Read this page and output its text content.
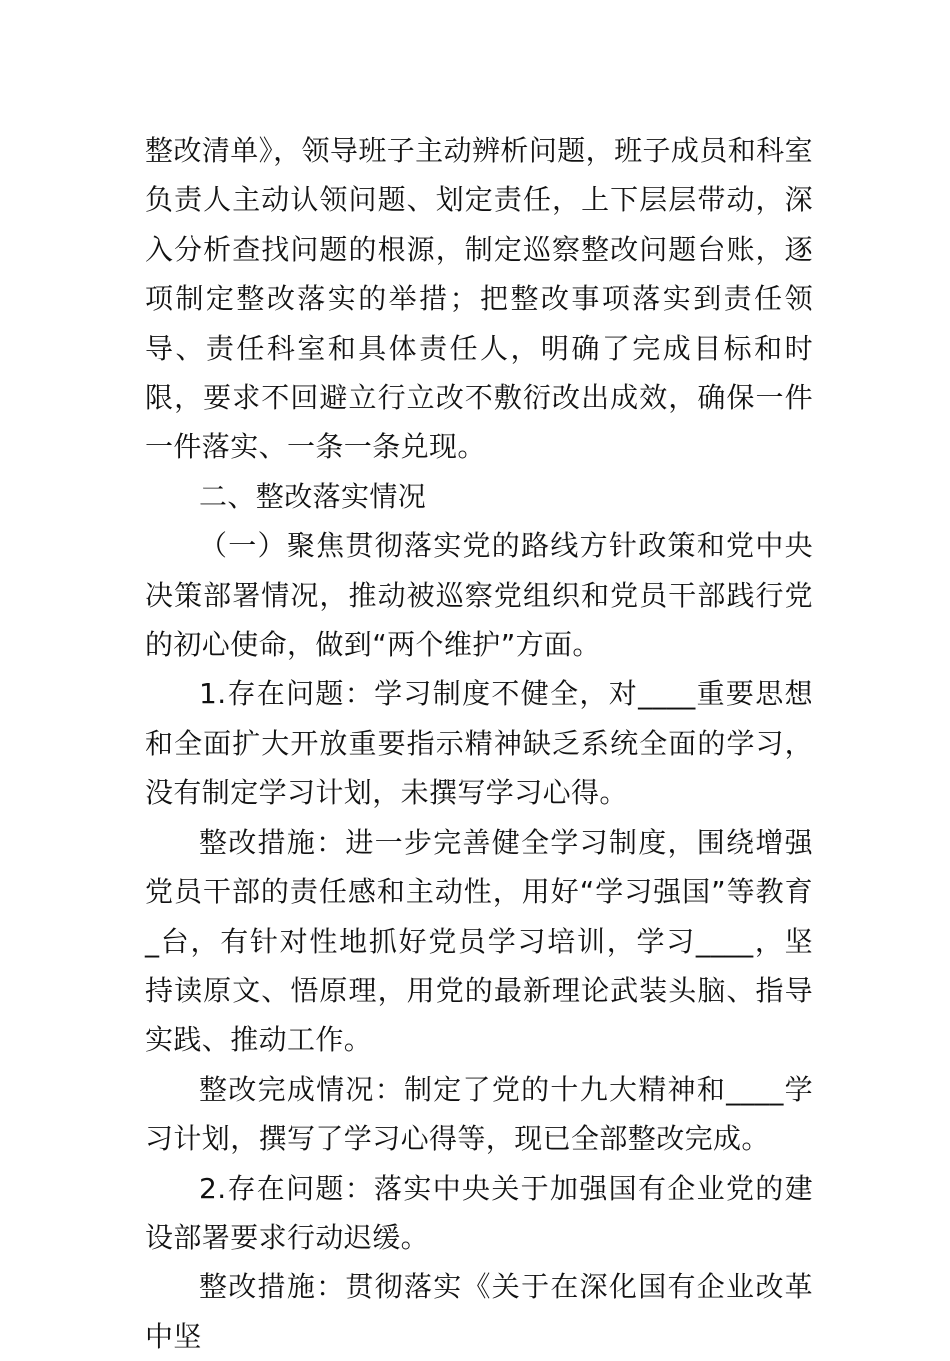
整改清单》，领导班子主动辨析问题，班子成员和科室负责人主动认领问题、划定责任，上下层层带动，深入分析查找问题的根源，制定巡察整改问题台账，逐项制定整改落实的举措；把整改事项落实到责任领导、责任科室和具体责任人，明确了完成目标和时限，要求不回避立行立改不敷衍改出成效，确保一件一件落实、一条一条兑现。

二、整改落实情况

（一）聚焦贯彻落实党的路线方针政策和党中央决策部署情况，推动被巡察党组织和党员干部践行党的初心使命，做到“两个维护”方面。

1.存在问题：学习制度不健全，对____重要思想和全面扩大开放重要指示精神缺乏系统全面的学习，没有制定学习计划，未撰写学习心得。

整改措施：进一步完善健全学习制度，围绕增强党员干部的责任感和主动性，用好“学习强国”等教育_台，有针对性地抓好党员学习培训，学习____，坚持读原文、悟原理，用党的最新理论武装头脑、指导实践、推动工作。

整改完成情况：制定了党的十九大精神和____学习计划，撰写了学习心得等，现已全部整改完成。

2.存在问题：落实中央关于加强国有企业党的建设部署要求行动迟缓。

整改措施：贯彻落实《关于在深化国有企业改革中坚
